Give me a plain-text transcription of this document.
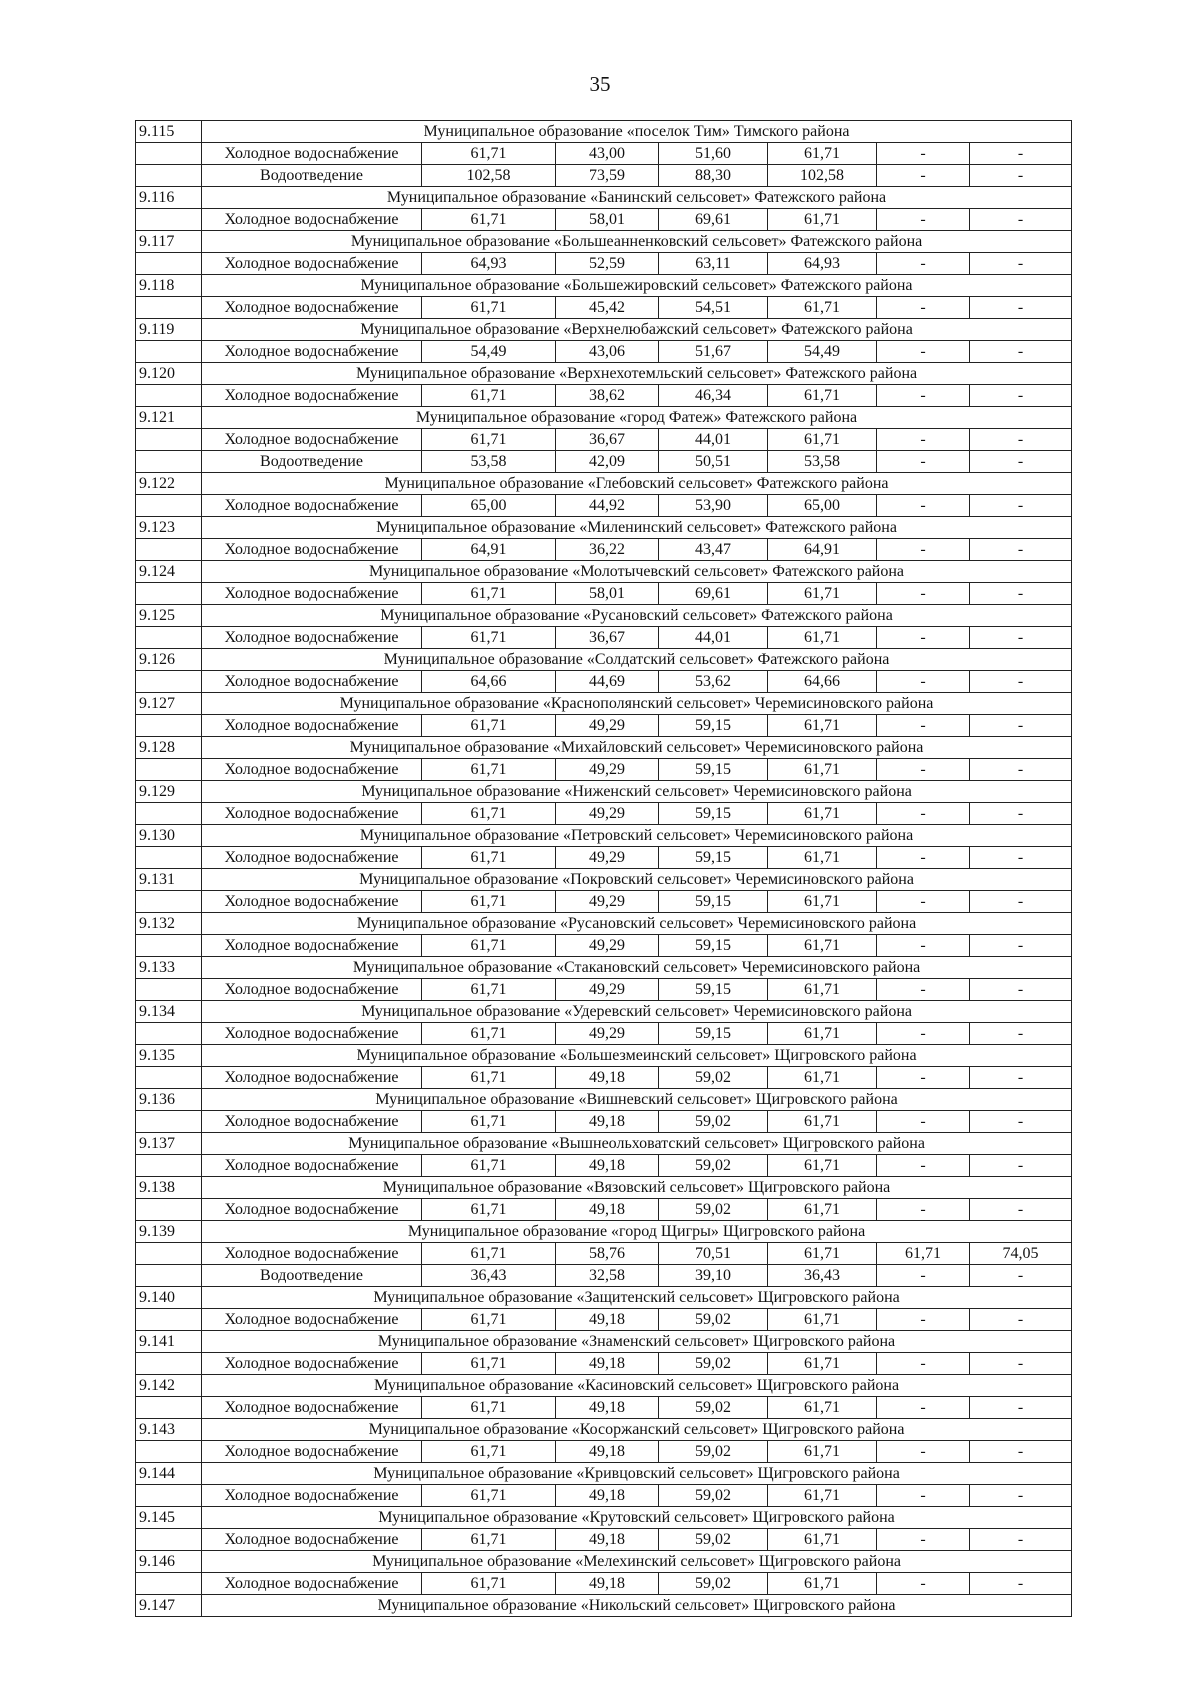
35
9.115	Муниципальное образование «поселок Тим» Тимского района						
	Холодное водоснабжение	61,71	43,00	51,60	61,71	-	-
	Водоотведение	102,58	73,59	88,30	102,58	-	-
9.116	Муниципальное образование «Банинский сельсовет» Фатежского района						
	Холодное водоснабжение	61,71	58,01	69,61	61,71	-	-
9.117	Муниципальное образование «Большеанненковский сельсовет» Фатежского района						
	Холодное водоснабжение	64,93	52,59	63,11	64,93	-	-
9.118	Муниципальное образование «Большежировский сельсовет» Фатежского района						
	Холодное водоснабжение	61,71	45,42	54,51	61,71	-	-
9.119	Муниципальное образование «Верхнелюбажский сельсовет» Фатежского района						
	Холодное водоснабжение	54,49	43,06	51,67	54,49	-	-
9.120	Муниципальное образование «Верхнехотемльский сельсовет» Фатежского района						
	Холодное водоснабжение	61,71	38,62	46,34	61,71	-	-
9.121	Муниципальное образование «город Фатеж» Фатежского района						
	Холодное водоснабжение	61,71	36,67	44,01	61,71	-	-
	Водоотведение	53,58	42,09	50,51	53,58	-	-
9.122	Муниципальное образование «Глебовский сельсовет» Фатежского района						
	Холодное водоснабжение	65,00	44,92	53,90	65,00	-	-
9.123	Муниципальное образование «Миленинский сельсовет» Фатежского района						
	Холодное водоснабжение	64,91	36,22	43,47	64,91	-	-
9.124	Муниципальное образование «Молотычевский сельсовет» Фатежского района						
	Холодное водоснабжение	61,71	58,01	69,61	61,71	-	-
9.125	Муниципальное образование «Русановский сельсовет» Фатежского района						
	Холодное водоснабжение	61,71	36,67	44,01	61,71	-	-
9.126	Муниципальное образование «Солдатский сельсовет» Фатежского района						
	Холодное водоснабжение	64,66	44,69	53,62	64,66	-	-
9.127	Муниципальное образование «Краснополянский сельсовет» Черемисиновского района						
	Холодное водоснабжение	61,71	49,29	59,15	61,71	-	-
9.128	Муниципальное образование «Михайловский сельсовет» Черемисиновского района						
	Холодное водоснабжение	61,71	49,29	59,15	61,71	-	-
9.129	Муниципальное образование «Ниженский сельсовет» Черемисиновского района						
	Холодное водоснабжение	61,71	49,29	59,15	61,71	-	-
9.130	Муниципальное образование «Петровский сельсовет» Черемисиновского района						
	Холодное водоснабжение	61,71	49,29	59,15	61,71	-	-
9.131	Муниципальное образование «Покровский сельсовет» Черемисиновского района						
	Холодное водоснабжение	61,71	49,29	59,15	61,71	-	-
9.132	Муниципальное образование «Русановский сельсовет» Черемисиновского района						
	Холодное водоснабжение	61,71	49,29	59,15	61,71	-	-
9.133	Муниципальное образование «Стакановский сельсовет» Черемисиновского района						
	Холодное водоснабжение	61,71	49,29	59,15	61,71	-	-
9.134	Муниципальное образование «Удеревский сельсовет» Черемисиновского района						
	Холодное водоснабжение	61,71	49,29	59,15	61,71	-	-
9.135	Муниципальное образование «Большезмеинский сельсовет» Щигровского района						
	Холодное водоснабжение	61,71	49,18	59,02	61,71	-	-
9.136	Муниципальное образование «Вишневский сельсовет» Щигровского района						
	Холодное водоснабжение	61,71	49,18	59,02	61,71	-	-
9.137	Муниципальное образование «Вышнеольховатский сельсовет» Щигровского района						
	Холодное водоснабжение	61,71	49,18	59,02	61,71	-	-
9.138	Муниципальное образование «Вязовский сельсовет» Щигровского района						
	Холодное водоснабжение	61,71	49,18	59,02	61,71	-	-
9.139	Муниципальное образование «город Щигры» Щигровского района						
	Холодное водоснабжение	61,71	58,76	70,51	61,71	61,71	74,05
	Водоотведение	36,43	32,58	39,10	36,43	-	-
9.140	Муниципальное образование «Защитенский сельсовет» Щигровского района						
	Холодное водоснабжение	61,71	49,18	59,02	61,71	-	-
9.141	Муниципальное образование «Знаменский сельсовет» Щигровского района						
	Холодное водоснабжение	61,71	49,18	59,02	61,71	-	-
9.142	Муниципальное образование «Касиновский сельсовет» Щигровского района						
	Холодное водоснабжение	61,71	49,18	59,02	61,71	-	-
9.143	Муниципальное образование «Косоржанский сельсовет» Щигровского района						
	Холодное водоснабжение	61,71	49,18	59,02	61,71	-	-
9.144	Муниципальное образование «Кривцовский сельсовет» Щигровского района						
	Холодное водоснабжение	61,71	49,18	59,02	61,71	-	-
9.145	Муниципальное образование «Крутовский сельсовет» Щигровского района						
	Холодное водоснабжение	61,71	49,18	59,02	61,71	-	-
9.146	Муниципальное образование «Мелехинский сельсовет» Щигровского района						
	Холодное водоснабжение	61,71	49,18	59,02	61,71	-	-
9.147	Муниципальное образование «Никольский сельсовет» Щигровского района						
